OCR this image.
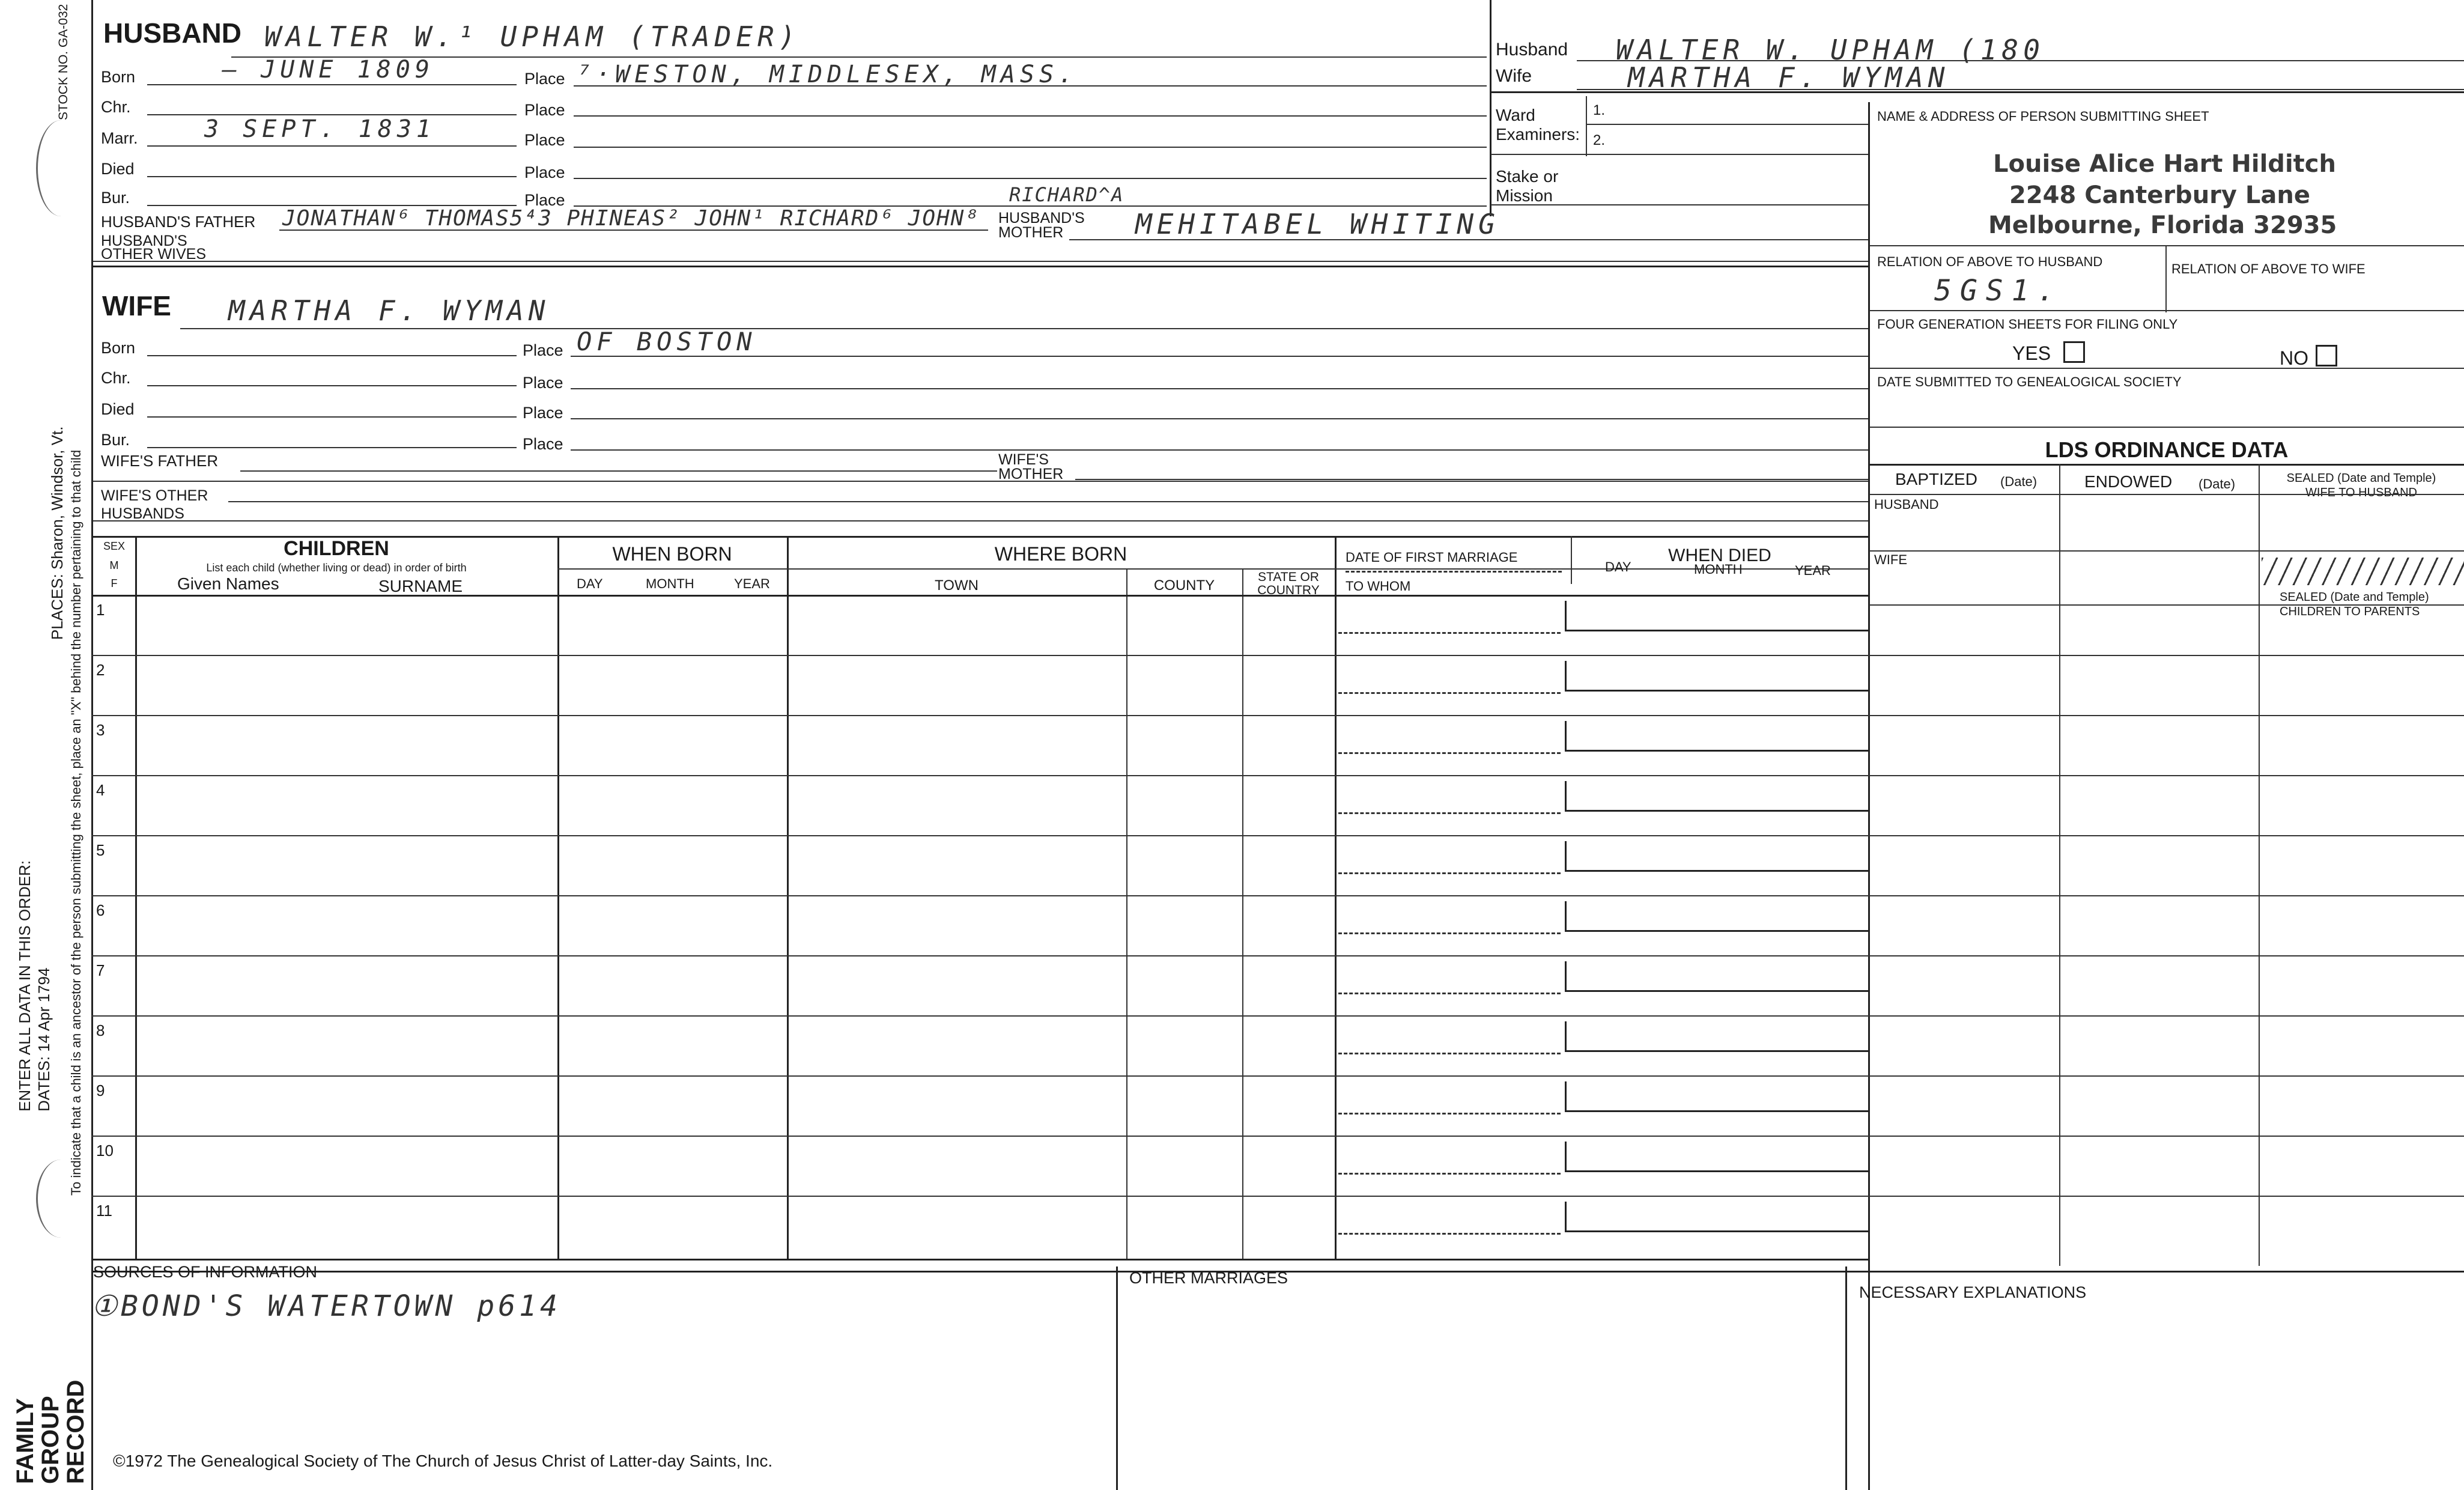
STOCK NO. GA-032
PLACES: Sharon, Windsor, Vt. To indicate that a child is an ancestor of the person submitting the sheet, place an "X" behind the number pertaining to that child
ENTER ALL DATA IN THIS ORDER: DATES: 14 Apr 1794
FAMILY
GROUP
RECORD
HUSBAND WALTER W.¹ UPHAM (TRADER)
Born	– JUNE 1809	Place ⁷·WESTON, MIDDLESEX, MASS.
Chr.	Place
Marr.	3 SEPT. 1831	Place
Died	Place
Bur.	Place
HUSBAND'S FATHER JONATHAN⁶ THOMAS5⁴3 PHINEAS² JOHN¹ RICHARD⁶ JOHN⁸ HUSBAND'S
MOTHER	MEHITABEL WHITING
RICHARD^A
HUSBAND'S
OTHER WIVES
WIFE MARTHA F. WYMAN
Born	Place OF BOSTON
Chr.	Place
Died	Place
Bur.	Place
WIFE'S FATHER	WIFE'S
MOTHER
WIFE'S OTHER
HUSBANDS
Husband WALTER W. UPHAM (180
Wife	MARTHA F. WYMAN
Ward
Examiners:
1.
2.
Stake or
Mission
NAME & ADDRESS OF PERSON SUBMITTING SHEET
Louise Alice Hart Hilditch
2248 Canterbury Lane
Melbourne, Florida 32935
RELATION OF ABOVE TO HUSBAND	RELATION OF ABOVE TO WIFE
5GS1.
FOUR GENERATION SHEETS FOR FILING ONLY
YES	NO
DATE SUBMITTED TO GENEALOGICAL SOCIETY
LDS ORDINANCE DATA
BAPTIZED (Date)	ENDOWED (Date)	SEALED (Date and Temple)
WIFE TO HUSBAND
HUSBAND
WIFE
SEALED (Date and Temple)
CHILDREN TO PARENTS
SEX
M
F
CHILDREN
List each child (whether living or dead) in order of birth
Given Names	SURNAME
WHEN BORN
DAY	MONTH	YEAR
WHERE BORN
TOWN	COUNTY
STATE OR
COUNTRY
DATE OF FIRST MARRIAGE
TO WHOM
WHEN DIED
DAY	MONTH	YEAR
1
2
3
4
5
6
7
8
9
10
11
SOURCES OF INFORMATION
①BOND'S WATERTOWN p614
OTHER MARRIAGES
NECESSARY EXPLANATIONS
©1972 The Genealogical Society of The Church of Jesus Christ of Latter-day Saints, Inc.
